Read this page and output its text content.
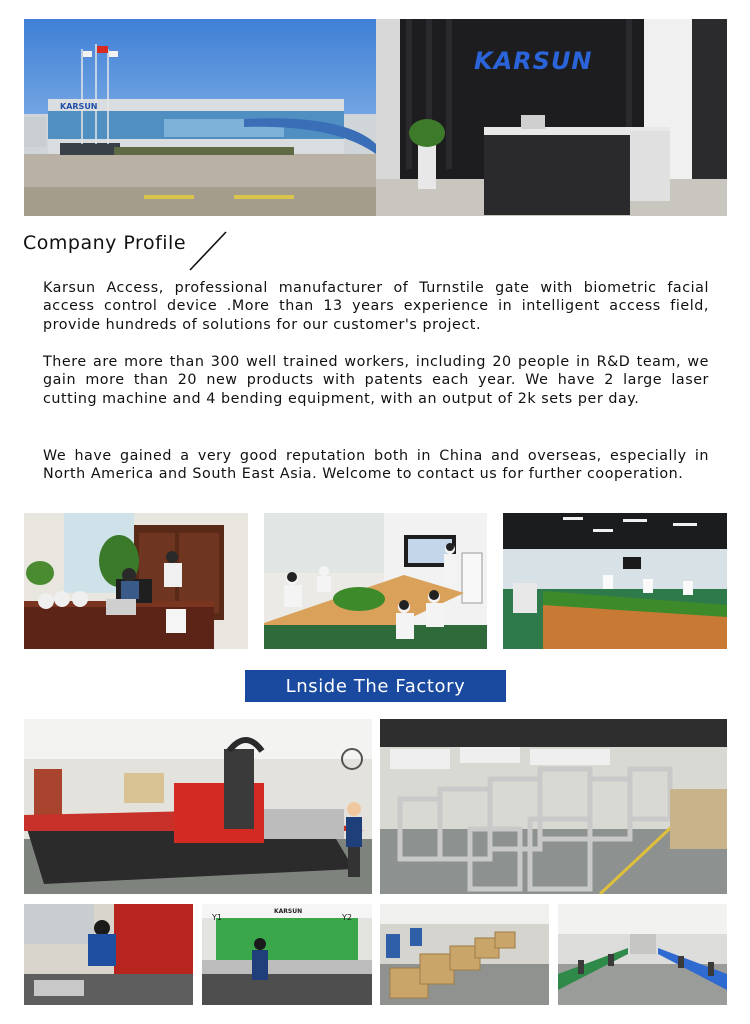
KARSUN
KARSUN
Company Profile
Karsun Access, professional manufacturer of Turnstile gate with biometric facial access control device .More than 13 years experience in intelligent access field, provide hundreds of solutions for our customer's project.
There are more than 300 well trained workers, including 20 people in R&D team, we gain more than 20 new products with patents each year. We have 2 large laser cutting machine and 4 bending equipment, with an output of 2k sets per day.
We have gained a very good reputation both in China and overseas, especially in North America and South East Asia. Welcome to contact us for further cooperation.
Lnside The Factory
Y1	Y2
KARSUN
